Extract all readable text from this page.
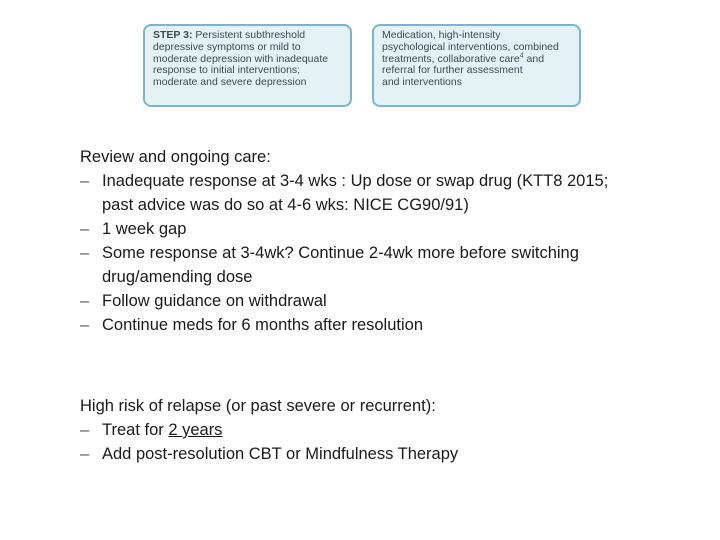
STEP 3: Persistent subthreshold
depressive symptoms or mild to
moderate depression with inadequate
response to initial interventions;
moderate and severe depression
Medication, high-intensity
psychological interventions, combined
treatments, collaborative care$^4$ and
referral for further assessment
and interventions
Review and ongoing care:
– Inadequate response at 3-4 wks : Up dose or swap drug (KTT8 2015;
past advice was do so at 4-6 wks: NICE CG90/91)
– 1 week gap
– Some response at 3-4wk? Continue 2-4wk more before switching
drug/amending dose
– Follow guidance on withdrawal
– Continue meds for 6 months after resolution
High risk of relapse (or past severe or recurrent):
– Treat for 2 years
– Add post-resolution CBT or Mindfulness Therapy
